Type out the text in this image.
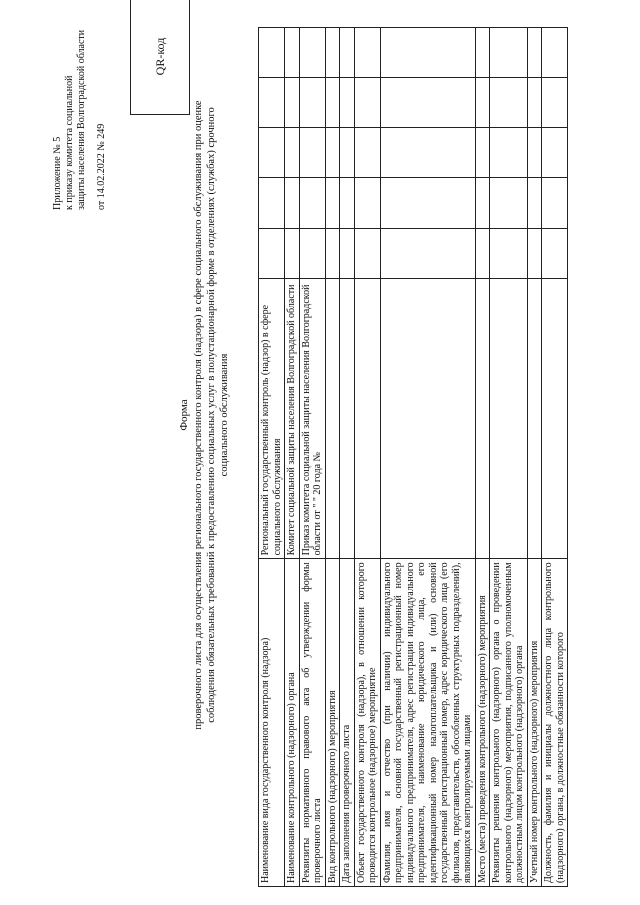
Приложение № 5 к приказу комитета социальной защиты населения Волгоградской области от 14.02.2022 № 249
QR-код
Форма проверочного листа для осуществления регионального государственного контроля (надзора) в сфере социального обслуживания при оценке соблюдения обязательных требований к предоставлению социальных услуг в полустационарной форме в отделениях (службах) срочного социального обслуживания
Наименование вида государственного контроля (надзора)	Региональный государственный контроль (надзор) в сфере социального обслуживания					
Наименование контрольного (надзорного) органа	Комитет социальной защиты населения Волгоградской области					
Реквизиты нормативного правового акта об утверждении формы проверочного листа	Приказ комитета социальной защиты населения Волгоградской области от " " 20 года №					
Вид контрольного (надзорного) мероприятия						
Дата заполнения проверочного листа						
Объект государственного контроля (надзора), в отношении которого проводится контрольное (надзорное) мероприятие						
Фамилия, имя и отчество (при наличии) индивидуального предпринимателя, основной государственный регистрационный номер индивидуального предпринимателя, адрес регистрации индивидуального предпринимателя, наименование юридического лица, его идентификационный номер налогоплательщика и (или) основной государственный регистрационный номер, адрес юридического лица (его филиалов, представительств, обособленных структурных подразделений), являющихся контролируемыми лицами						
Место (места) проведения контрольного (надзорного) мероприятия						
Реквизиты решения контрольного (надзорного) органа о проведении контрольного (надзорного) мероприятия, подписанного уполномоченным должностным лицом контрольного (надзорного) органа						
Учетный номер контрольного (надзорного) мероприятия						
Должность, фамилия и инициалы должностного лица контрольного (надзорного) органа, в должностные обязанности которого						
